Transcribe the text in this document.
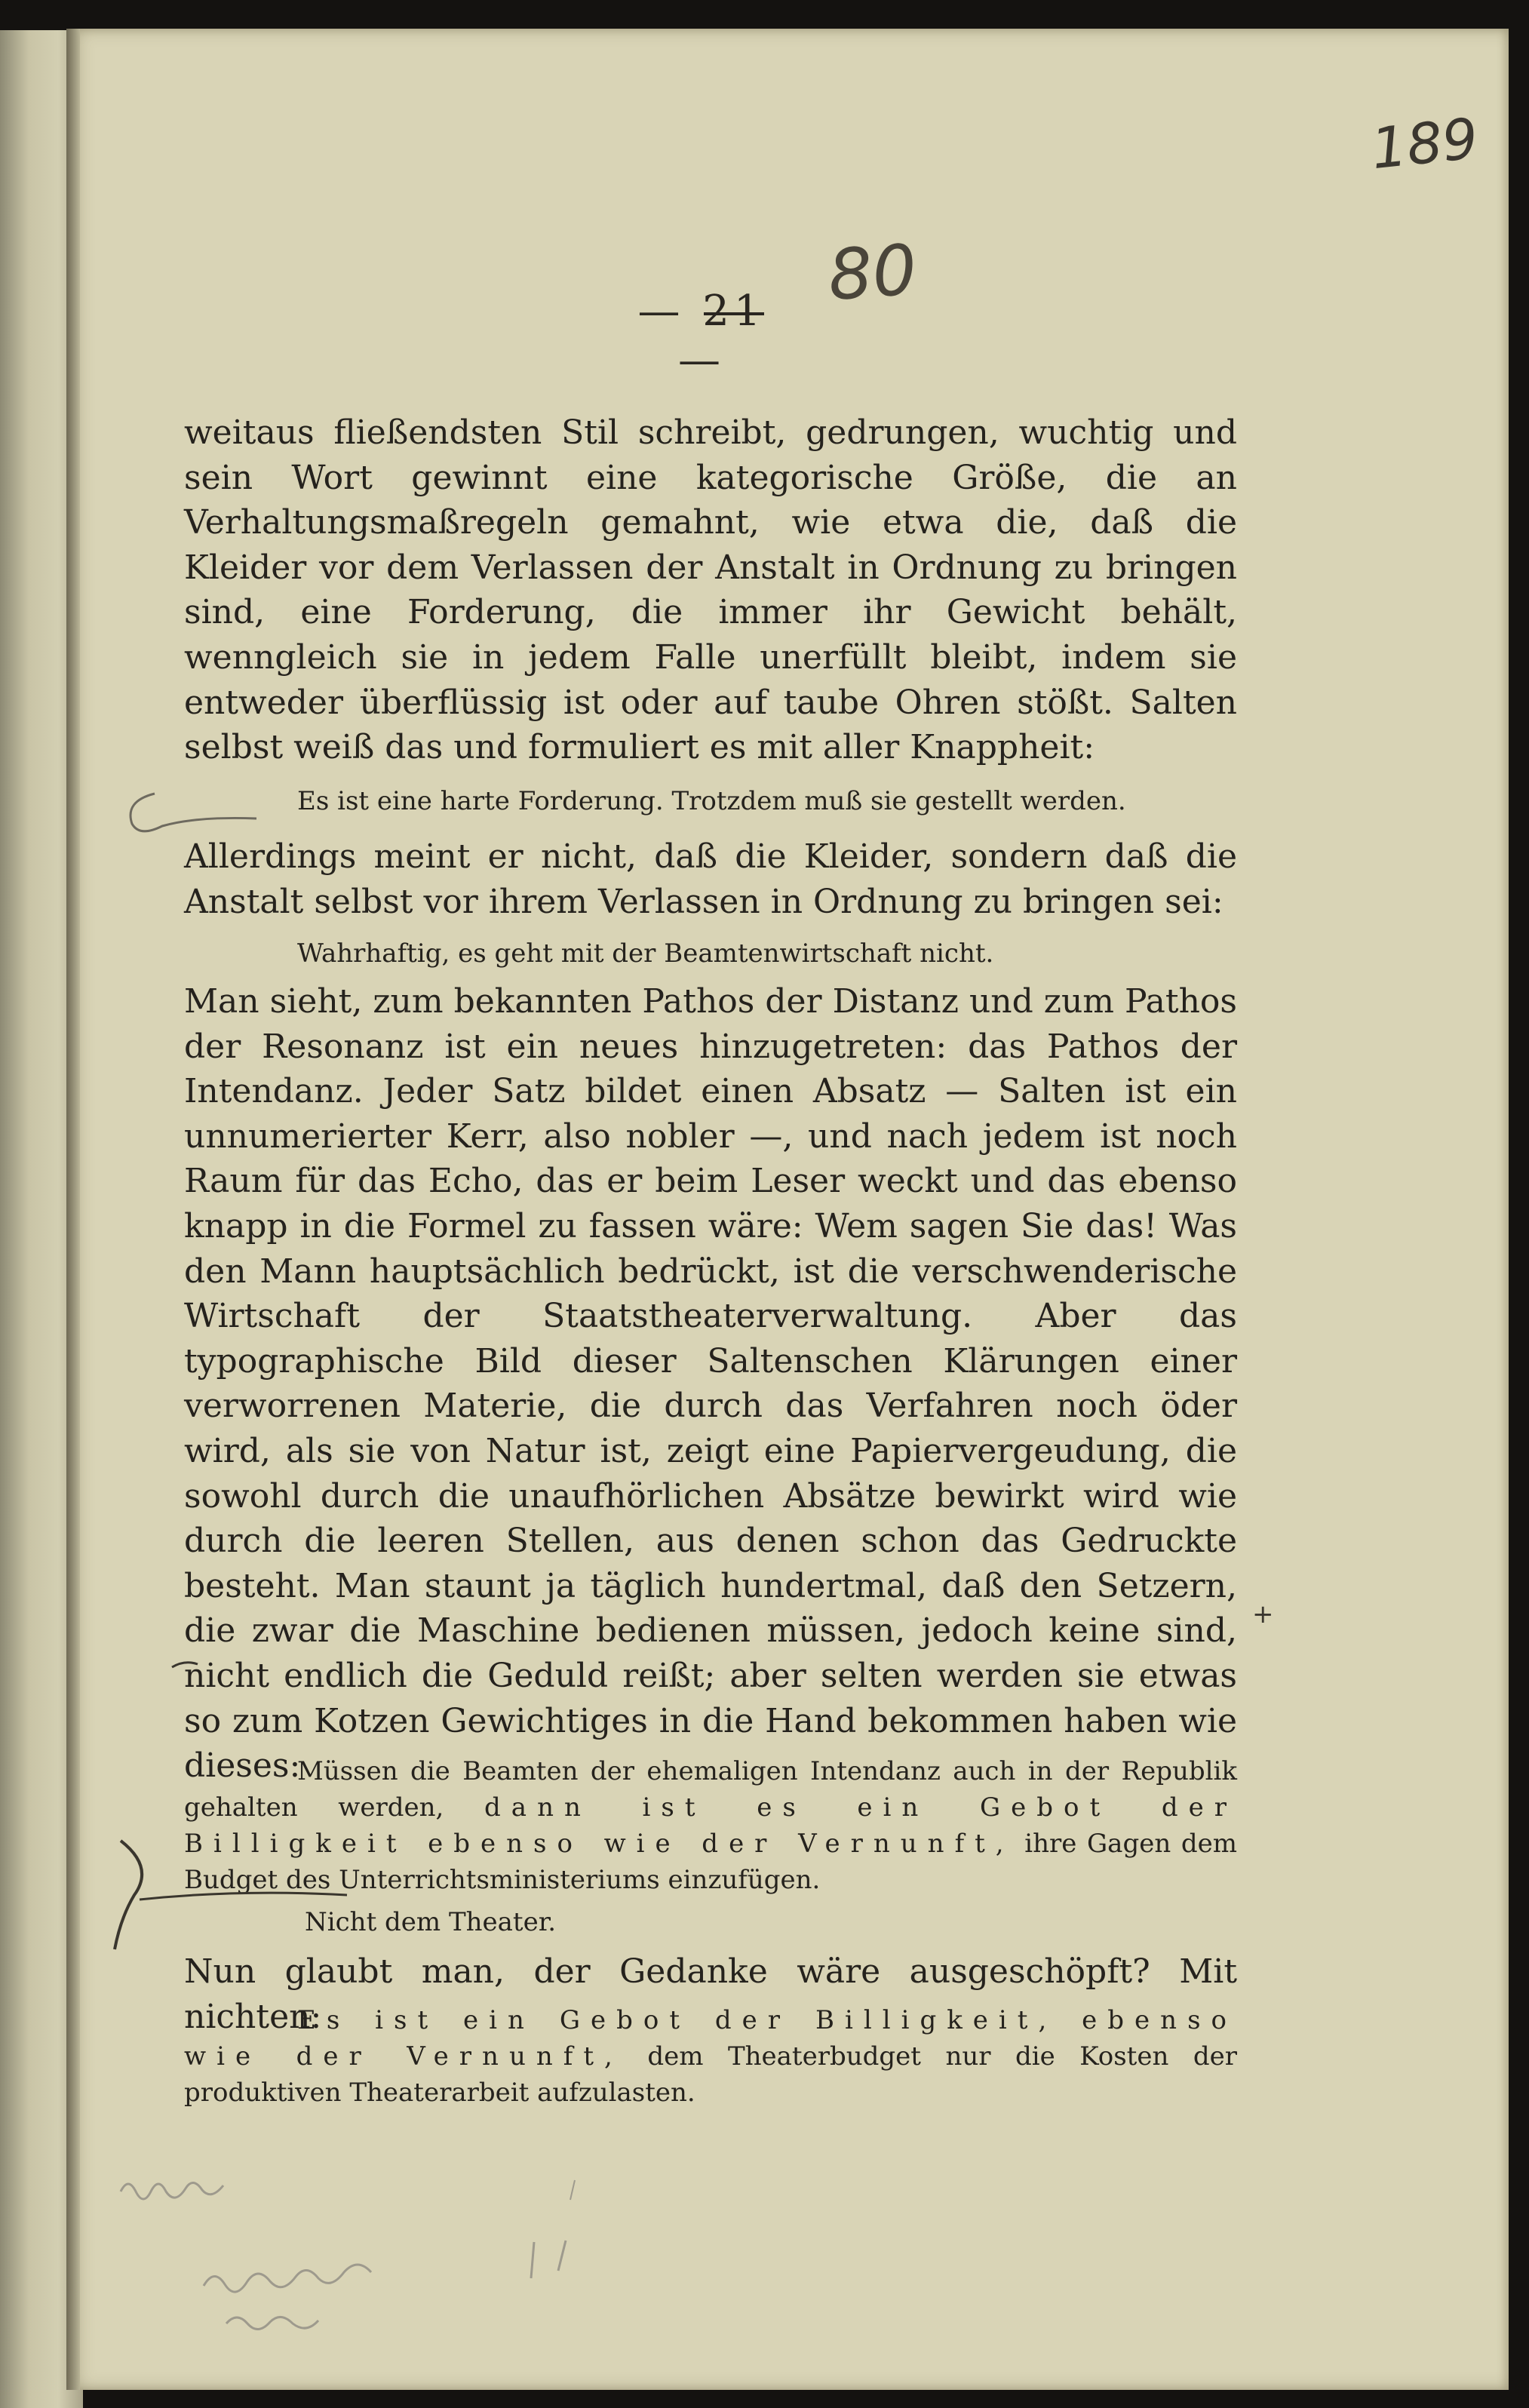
189
80
— 21 —

weitaus fließendsten Stil schreibt, gedrungen, wuchtig und sein Wort gewinnt eine kategorische Größe, die an Verhaltungsmaßregeln gemahnt, wie etwa die, daß die Kleider vor dem Verlassen der Anstalt in Ordnung zu bringen sind, eine Forderung, die immer ihr Gewicht behält, wenngleich sie in jedem Falle unerfüllt bleibt, indem sie entweder überflüssig ist oder auf taube Ohren stößt. Salten selbst weiß das und formuliert es mit aller Knappheit:

Es ist eine harte Forderung. Trotzdem muß sie gestellt werden.

Allerdings meint er nicht, daß die Kleider, sondern daß die Anstalt selbst vor ihrem Verlassen in Ordnung zu bringen sei:

Wahrhaftig, es geht mit der Beamtenwirtschaft nicht.

Man sieht, zum bekannten Pathos der Distanz und zum Pathos der Resonanz ist ein neues hinzugetreten: das Pathos der Intendanz. Jeder Satz bildet einen Absatz — Salten ist ein unnumerierter Kerr, also nobler —, und nach jedem ist noch Raum für das Echo, das er beim Leser weckt und das ebenso knapp in die Formel zu fassen wäre: Wem sagen Sie das! Was den Mann hauptsächlich bedrückt, ist die verschwenderische Wirtschaft der Staatstheaterverwaltung. Aber das typographische Bild dieser Saltenschen Klärungen einer verworrenen Materie, die durch das Verfahren noch öder wird, als sie von Natur ist, zeigt eine Papiervergeudung, die sowohl durch die unaufhörlichen Absätze bewirkt wird wie durch die leeren Stellen, aus denen schon das Gedruckte besteht. Man staunt ja täglich hundertmal, daß den Setzern, die zwar die Maschine bedienen müssen, jedoch keine sind, nicht endlich die Geduld reißt; aber selten werden sie etwas so zum Kotzen Gewichtiges in die Hand bekommen haben wie dieses:

Müssen die Beamten der ehemaligen Intendanz auch in der Republik gehalten werden, dann ist es ein Gebot der Billigkeit ebenso wie der Vernunft, ihre Gagen dem Budget des Unterrichtsministeriums einzufügen.
Nicht dem Theater.

Nun glaubt man, der Gedanke wäre ausgeschöpft? Mit nichten:

Es ist ein Gebot der Billigkeit, ebenso wie der Vernunft, dem Theaterbudget nur die Kosten der produktiven Theaterarbeit aufzulasten.
+
